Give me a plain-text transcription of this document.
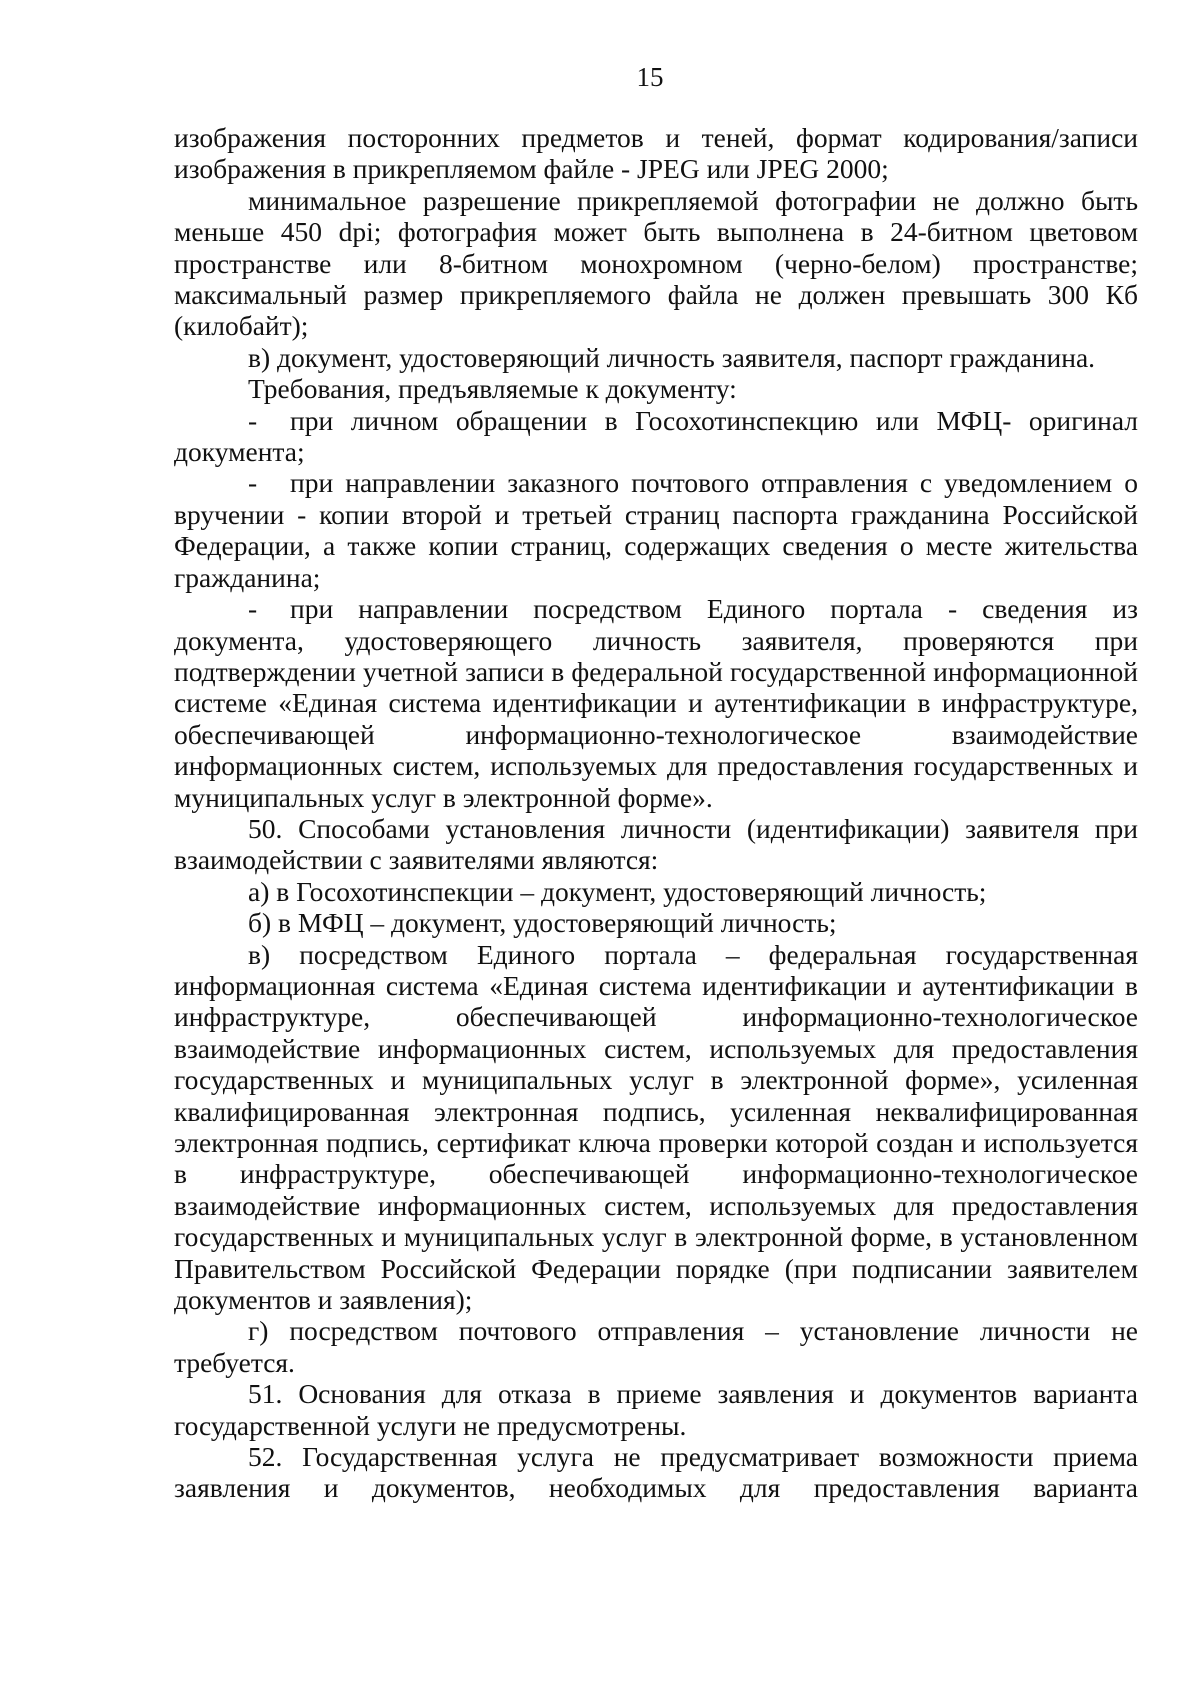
15

изображения посторонних предметов и теней, формат кодирования/записи изображения в прикрепляемом файле - JPEG или JPEG 2000;

минимальное разрешение прикрепляемой фотографии не должно быть меньше 450 dpi; фотография может быть выполнена в 24-битном цветовом пространстве или 8-битном монохромном (черно-белом) пространстве; максимальный размер прикрепляемого файла не должен превышать 300 Кб (килобайт);

в) документ, удостоверяющий личность заявителя, паспорт гражданина.

Требования, предъявляемые к документу:

- при личном обращении в Госохотинспекцию или МФЦ- оригинал документа;

- при направлении заказного почтового отправления с уведомлением о вручении - копии второй и третьей страниц паспорта гражданина Российской Федерации, а также копии страниц, содержащих сведения о месте жительства гражданина;

- при направлении посредством Единого портала - сведения из документа, удостоверяющего личность заявителя, проверяются при подтверждении учетной записи в федеральной государственной информационной системе «Единая система идентификации и аутентификации в инфраструктуре, обеспечивающей информационно-технологическое взаимодействие информационных систем, используемых для предоставления государственных и муниципальных услуг в электронной форме».

50. Способами установления личности (идентификации) заявителя при взаимодействии с заявителями являются:

а) в Госохотинспекции – документ, удостоверяющий личность;

б) в МФЦ – документ, удостоверяющий личность;

в) посредством Единого портала – федеральная государственная информационная система «Единая система идентификации и аутентификации в инфраструктуре, обеспечивающей информационно-технологическое взаимодействие информационных систем, используемых для предоставления государственных и муниципальных услуг в электронной форме», усиленная квалифицированная электронная подпись, усиленная неквалифицированная электронная подпись, сертификат ключа проверки которой создан и используется в инфраструктуре, обеспечивающей информационно-технологическое взаимодействие информационных систем, используемых для предоставления государственных и муниципальных услуг в электронной форме, в установленном Правительством Российской Федерации порядке (при подписании заявителем документов и заявления);

г) посредством почтового отправления – установление личности не требуется.

51. Основания для отказа в приеме заявления и документов варианта государственной услуги не предусмотрены.

52. Государственная услуга не предусматривает возможности приема заявления и документов, необходимых для предоставления варианта
